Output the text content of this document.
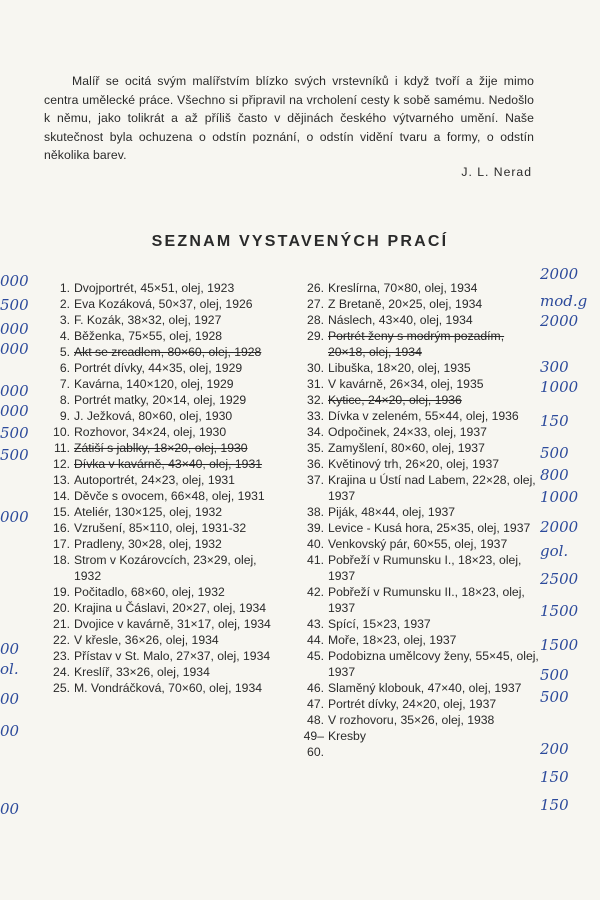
Malíř se ocitá svým malířstvím blízko svých vrstevníků i když tvoří a žije mimo centra umělecké práce. Všechno si připravil na vrcholení cesty k sobě samému. Nedošlo k němu, jako tolikrát a až příliš často v dějinách českého výtvarného umění. Naše skutečnost byla ochuzena o odstín poznání, o odstín vidění tvaru a formy, o odstín několika barev.

J. L. Nerad
SEZNAM VYSTAVENÝCH PRACÍ
1. Dvojportrét, 45×51, olej, 1923
2. Eva Kozáková, 50×37, olej, 1926
3. F. Kozák, 38×32, olej, 1927
4. Běženka, 75×55, olej, 1928
5. Akt se zrcadlem, 80×60, olej, 1928
6. Portrét dívky, 44×35, olej, 1929
7. Kavárna, 140×120, olej, 1929
8. Portrét matky, 20×14, olej, 1929
9. J. Ježková, 80×60, olej, 1930
10. Rozhovor, 34×24, olej, 1930
11. Zátiší s jablky, 18×20, olej, 1930
12. Dívka v kavárně, 43×40, olej, 1931
13. Autoportrét, 24×23, olej, 1931
14. Děvče s ovocem, 66×48, olej, 1931
15. Ateliér, 130×125, olej, 1932
16. Vzrušení, 85×110, olej, 1931-32
17. Pradleny, 30×28, olej, 1932
18. Strom v Kozárovcích, 23×29, olej, 1932
19. Počitadlo, 68×60, olej, 1932
20. Krajina u Čáslavi, 20×27, olej, 1934
21. Dvojice v kavárně, 31×17, olej, 1934
22. V křesle, 36×26, olej, 1934
23. Přístav v St. Malo, 27×37, olej, 1934
24. Kreslíř, 33×26, olej, 1934
25. M. Vondráčková, 70×60, olej, 1934
26. Kreslírna, 70×80, olej, 1934
27. Z Bretaně, 20×25, olej, 1934
28. Náslech, 43×40, olej, 1934
29. Portrét ženy s modrým pozadím, 20×18, olej, 1934
30. Libuška, 18×20, olej, 1935
31. V kavárně, 26×34, olej, 1935
32. Kytice, 24×20, olej, 1936
33. Dívka v zeleném, 55×44, olej, 1936
34. Odpočinek, 24×33, olej, 1937
35. Zamyšlení, 80×60, olej, 1937
36. Květinový trh, 26×20, olej, 1937
37. Krajina u Ústí nad Labem, 22×28, olej, 1937
38. Piják, 48×44, olej, 1937
39. Levice - Kusá hora, 25×35, olej, 1937
40. Venkovský pár, 60×55, olej, 1937
41. Pobřeží v Rumunsku I., 18×23, olej, 1937
42. Pobřeží v Rumunsku II., 18×23, olej, 1937
43. Spící, 15×23, 1937
44. Moře, 18×23, olej, 1937
45. Podobizna umělcovy ženy, 55×45, olej, 1937
46. Slaměný klobouk, 47×40, olej, 1937
47. Portrét dívky, 24×20, olej, 1937
48. V rozhovoru, 35×26, olej, 1938
49–60.
Kresby
000
500
000
000
000
000
500
500
000
00
ol.
00
00
00
2000
mod.g
2000
300
1000
150
500
800
1000
2000
gol.
2500
1500
1500
500
500
200
150
150
